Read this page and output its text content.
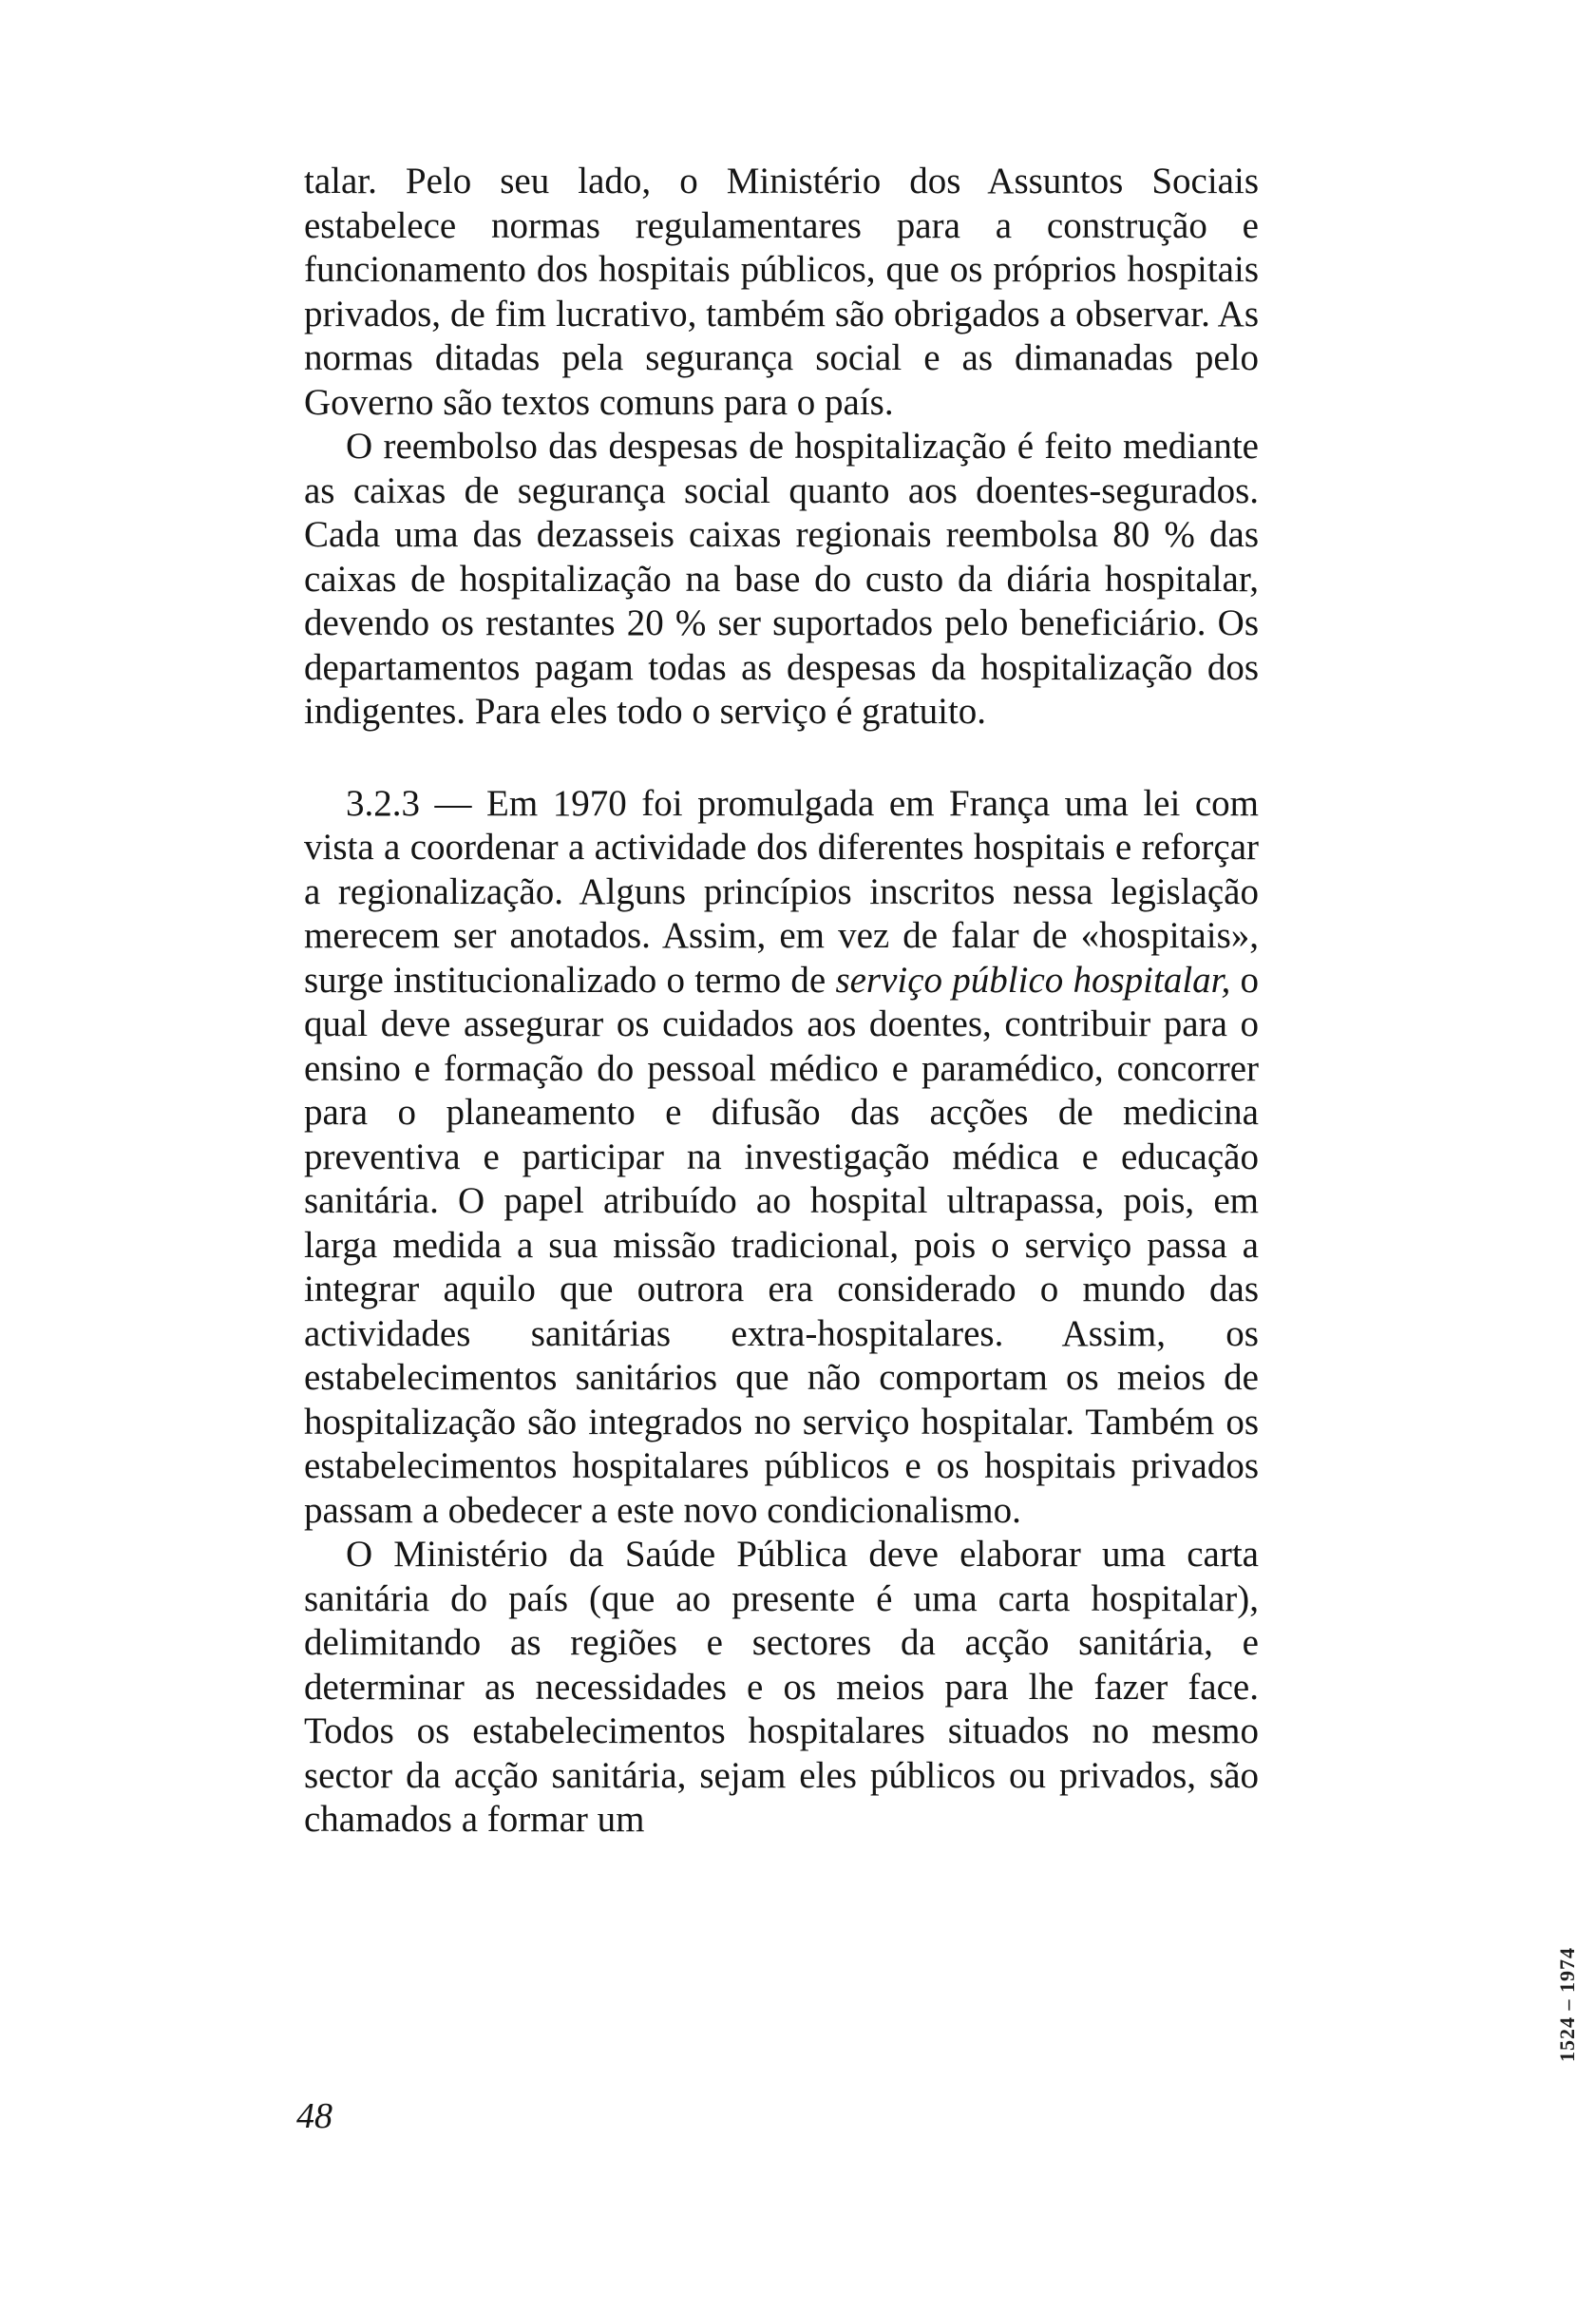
talar. Pelo seu lado, o Ministério dos Assuntos Sociais estabelece normas regulamentares para a construção e funcionamento dos hospitais públicos, que os próprios hospitais privados, de fim lucrativo, também são obrigados a observar. As normas ditadas pela segurança social e as dimanadas pelo Governo são textos comuns para o país.

O reembolso das despesas de hospitalização é feito mediante as caixas de segurança social quanto aos doentes-segurados. Cada uma das dezasseis caixas regionais reembolsa 80 % das caixas de hospitalização na base do custo da diária hospitalar, devendo os restantes 20 % ser suportados pelo beneficiário. Os departamentos pagam todas as despesas da hospitalização dos indigentes. Para eles todo o serviço é gratuito.

3.2.3 — Em 1970 foi promulgada em França uma lei com vista a coordenar a actividade dos diferentes hospitais e reforçar a regionalização. Alguns princípios inscritos nessa legislação merecem ser anotados. Assim, em vez de falar de «hospitais», surge institucionalizado o termo de serviço público hospitalar, o qual deve assegurar os cuidados aos doentes, contribuir para o ensino e formação do pessoal médico e paramédico, concorrer para o planeamento e difusão das acções de medicina preventiva e participar na investigação médica e educação sanitária. O papel atribuído ao hospital ultrapassa, pois, em larga medida a sua missão tradicional, pois o serviço passa a integrar aquilo que outrora era considerado o mundo das actividades sanitárias extra-hospitalares. Assim, os estabelecimentos sanitários que não comportam os meios de hospitalização são integrados no serviço hospitalar. Também os estabelecimentos hospitalares públicos e os hospitais privados passam a obedecer a este novo condicionalismo.

O Ministério da Saúde Pública deve elaborar uma carta sanitária do país (que ao presente é uma carta hospitalar), delimitando as regiões e sectores da acção sanitária, e determinar as necessidades e os meios para lhe fazer face. Todos os estabelecimentos hospitalares situados no mesmo sector da acção sanitária, sejam eles públicos ou privados, são chamados a formar um

48
1524 – 1974
